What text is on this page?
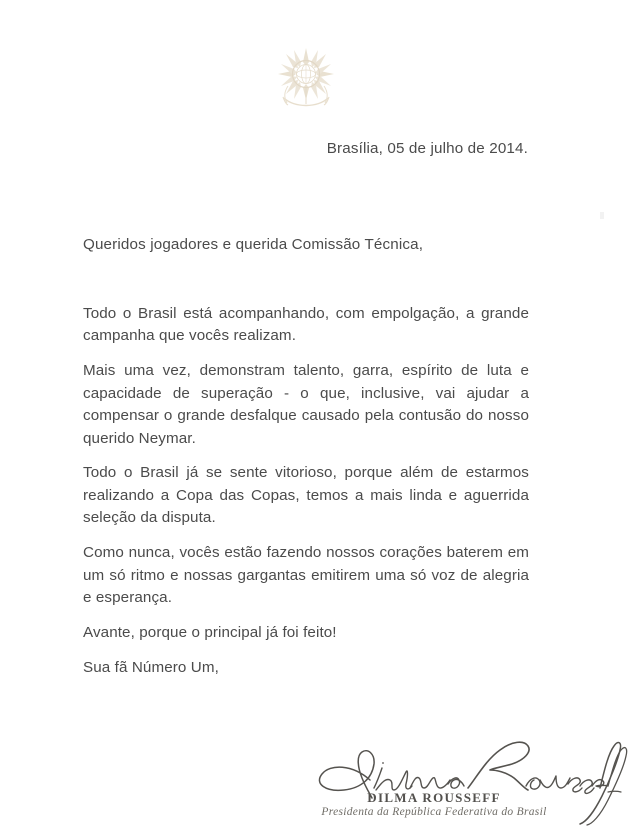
Brasília, 05 de julho de 2014.
Queridos jogadores e querida Comissão Técnica,

Todo o Brasil está acompanhando, com empolgação, a grande campanha que vocês realizam.

Mais uma vez, demonstram talento, garra, espírito de luta e capacidade de superação - o que, inclusive, vai ajudar a compensar o grande desfalque causado pela contusão do nosso querido Neymar.

Todo o Brasil já se sente vitorioso, porque além de estarmos realizando a Copa das Copas, temos a mais linda e aguerrida seleção da disputa.

Como nunca, vocês estão fazendo nossos corações baterem em um só ritmo e nossas gargantas emitirem uma só voz de alegria e esperança.

Avante, porque o principal já foi feito!

Sua fã Número Um,

DILMA ROUSSEFF
Presidenta da República Federativa do Brasil
